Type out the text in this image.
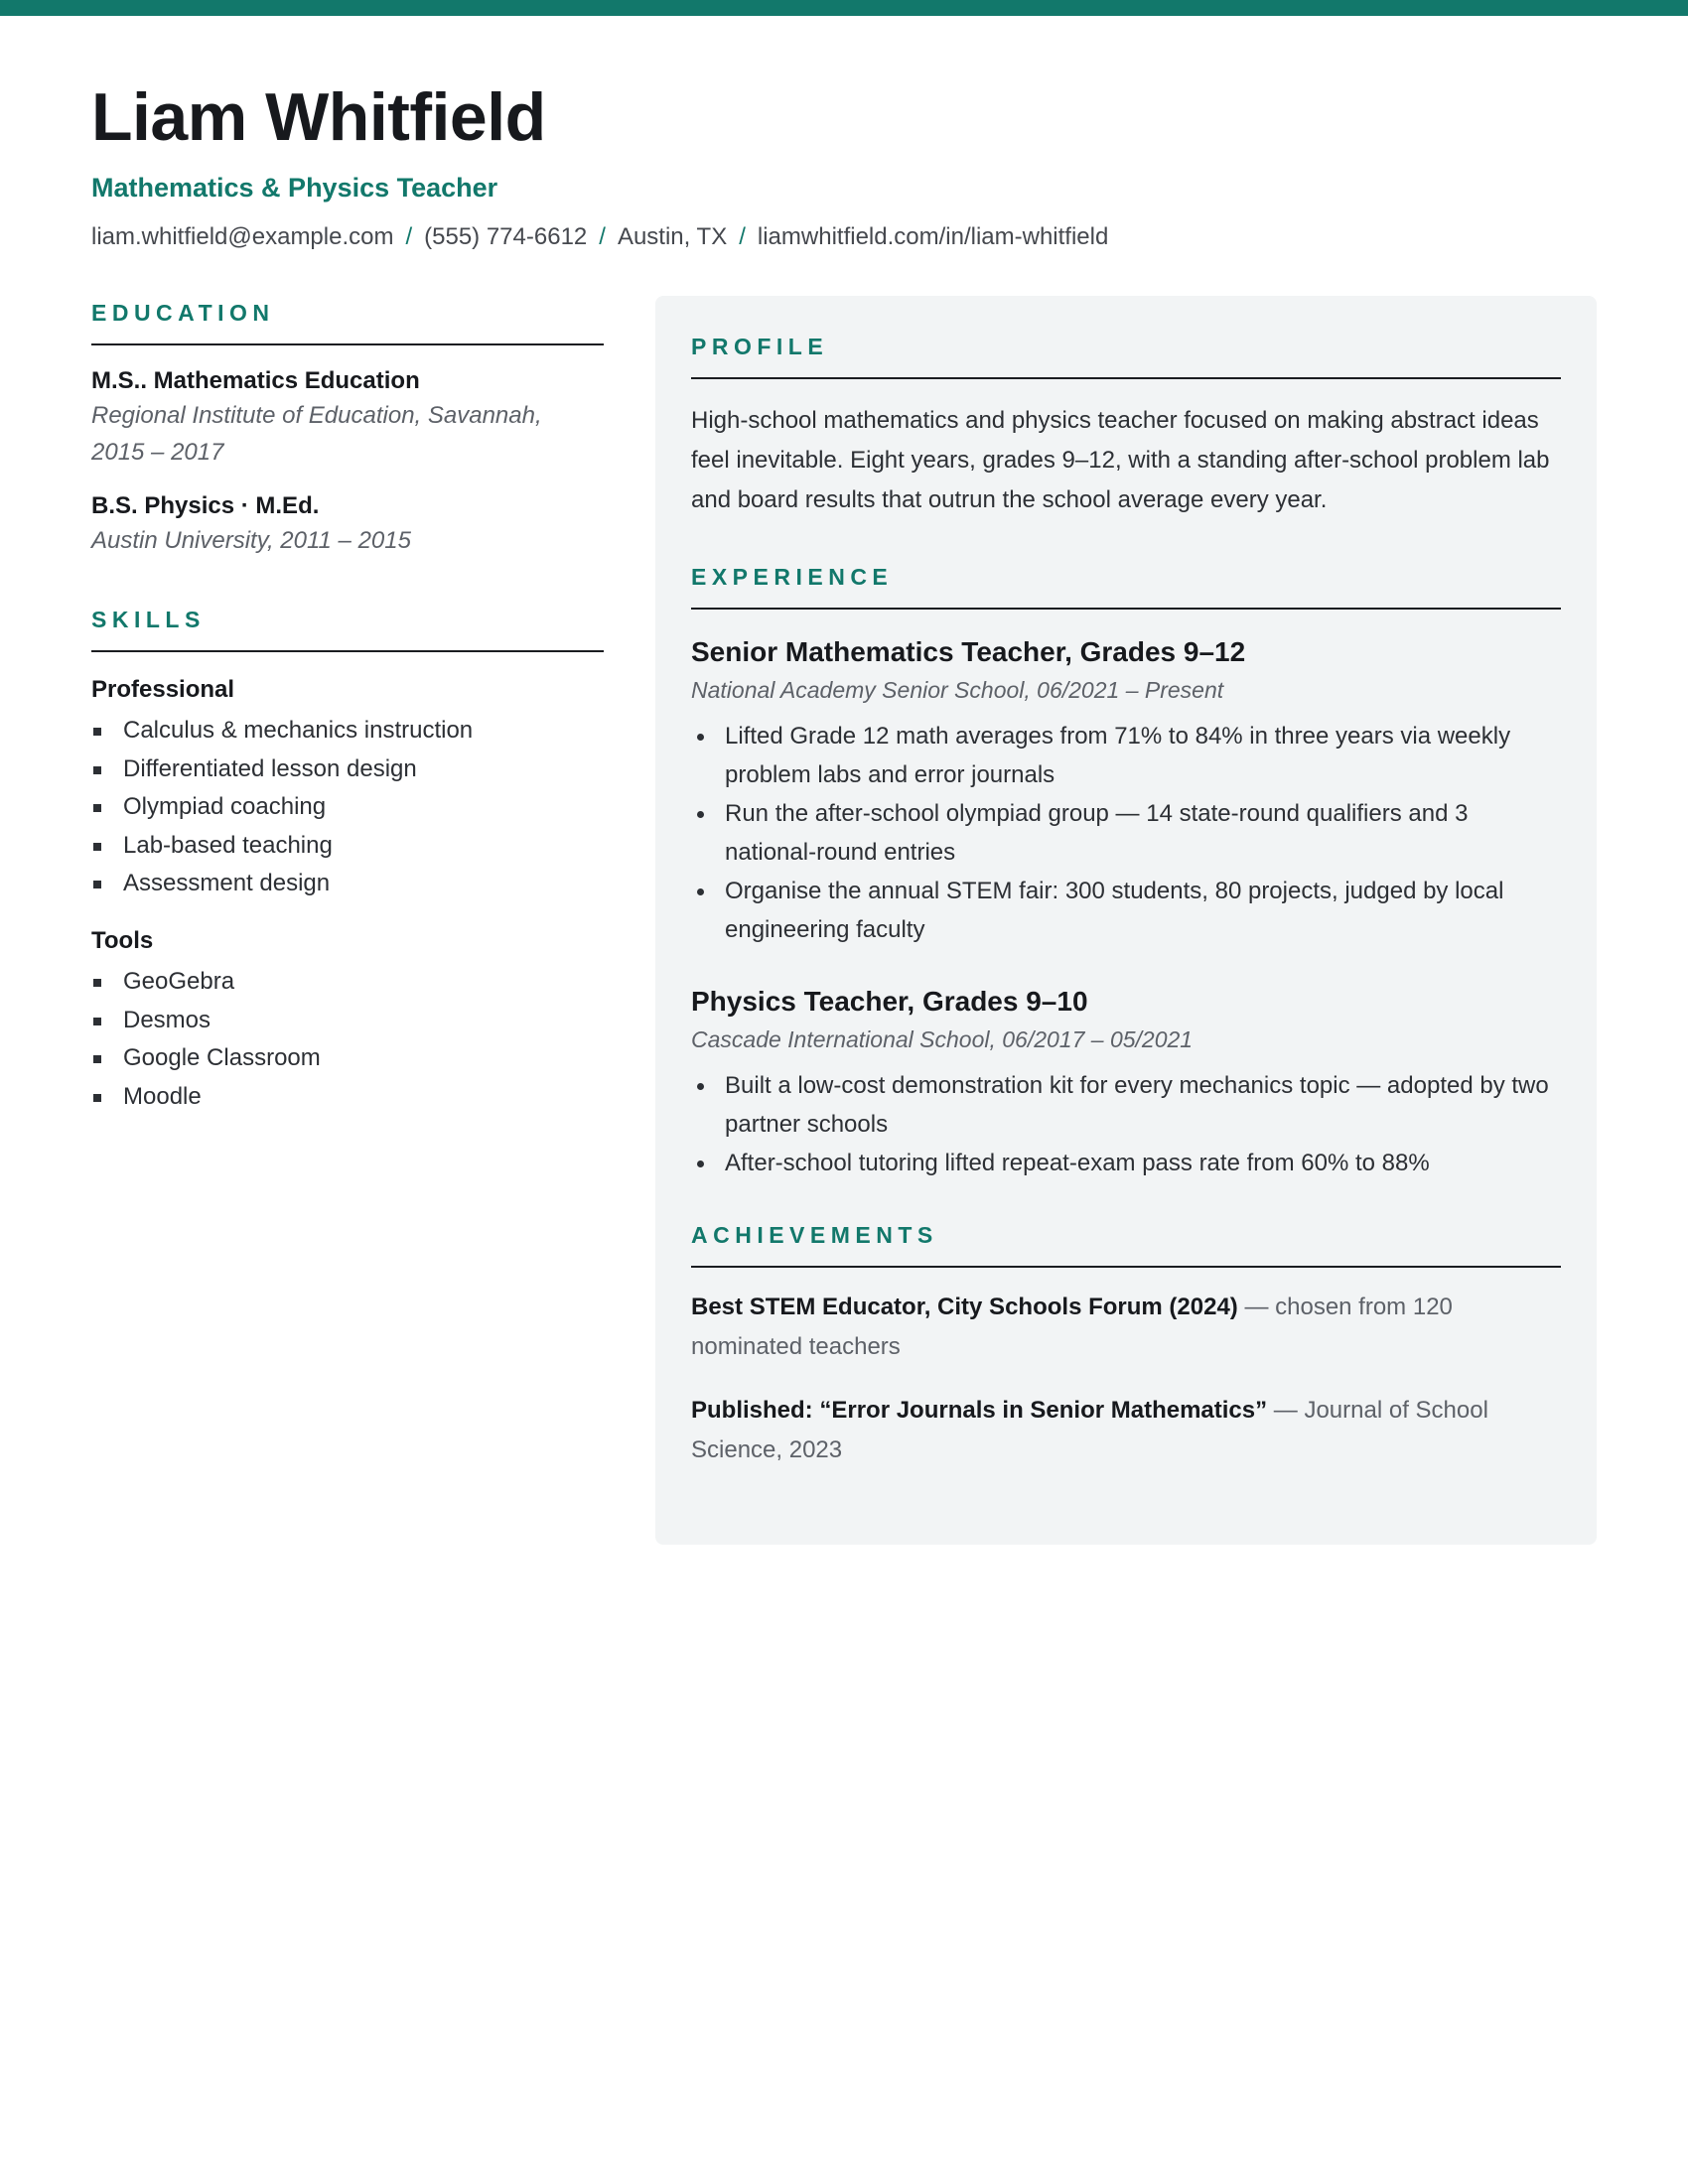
Liam Whitfield
Mathematics & Physics Teacher
liam.whitfield@example.com / (555) 774-6612 / Austin, TX / liamwhitfield.com/in/liam-whitfield
EDUCATION
M.S.. Mathematics Education
Regional Institute of Education, Savannah,
2015 – 2017
B.S. Physics · M.Ed.
Austin University, 2011 – 2015
SKILLS
Professional
Calculus & mechanics instruction
Differentiated lesson design
Olympiad coaching
Lab-based teaching
Assessment design
Tools
GeoGebra
Desmos
Google Classroom
Moodle
PROFILE

High-school mathematics and physics teacher focused on making abstract ideas feel inevitable. Eight years, grades 9–12, with a standing after-school problem lab and board results that outrun the school average every year.

EXPERIENCE
Senior Mathematics Teacher, Grades 9–12
National Academy Senior School, 06/2021 – Present
Lifted Grade 12 math averages from 71% to 84% in three years via weekly problem labs and error journals
Run the after-school olympiad group — 14 state-round qualifiers and 3 national-round entries
Organise the annual STEM fair: 300 students, 80 projects, judged by local engineering faculty
Physics Teacher, Grades 9–10
Cascade International School, 06/2017 – 05/2021
Built a low-cost demonstration kit for every mechanics topic — adopted by two partner schools
After-school tutoring lifted repeat-exam pass rate from 60% to 88%
ACHIEVEMENTS

Best STEM Educator, City Schools Forum (2024) — chosen from 120 nominated teachers

Published: “Error Journals in Senior Mathematics” — Journal of School Science, 2023
